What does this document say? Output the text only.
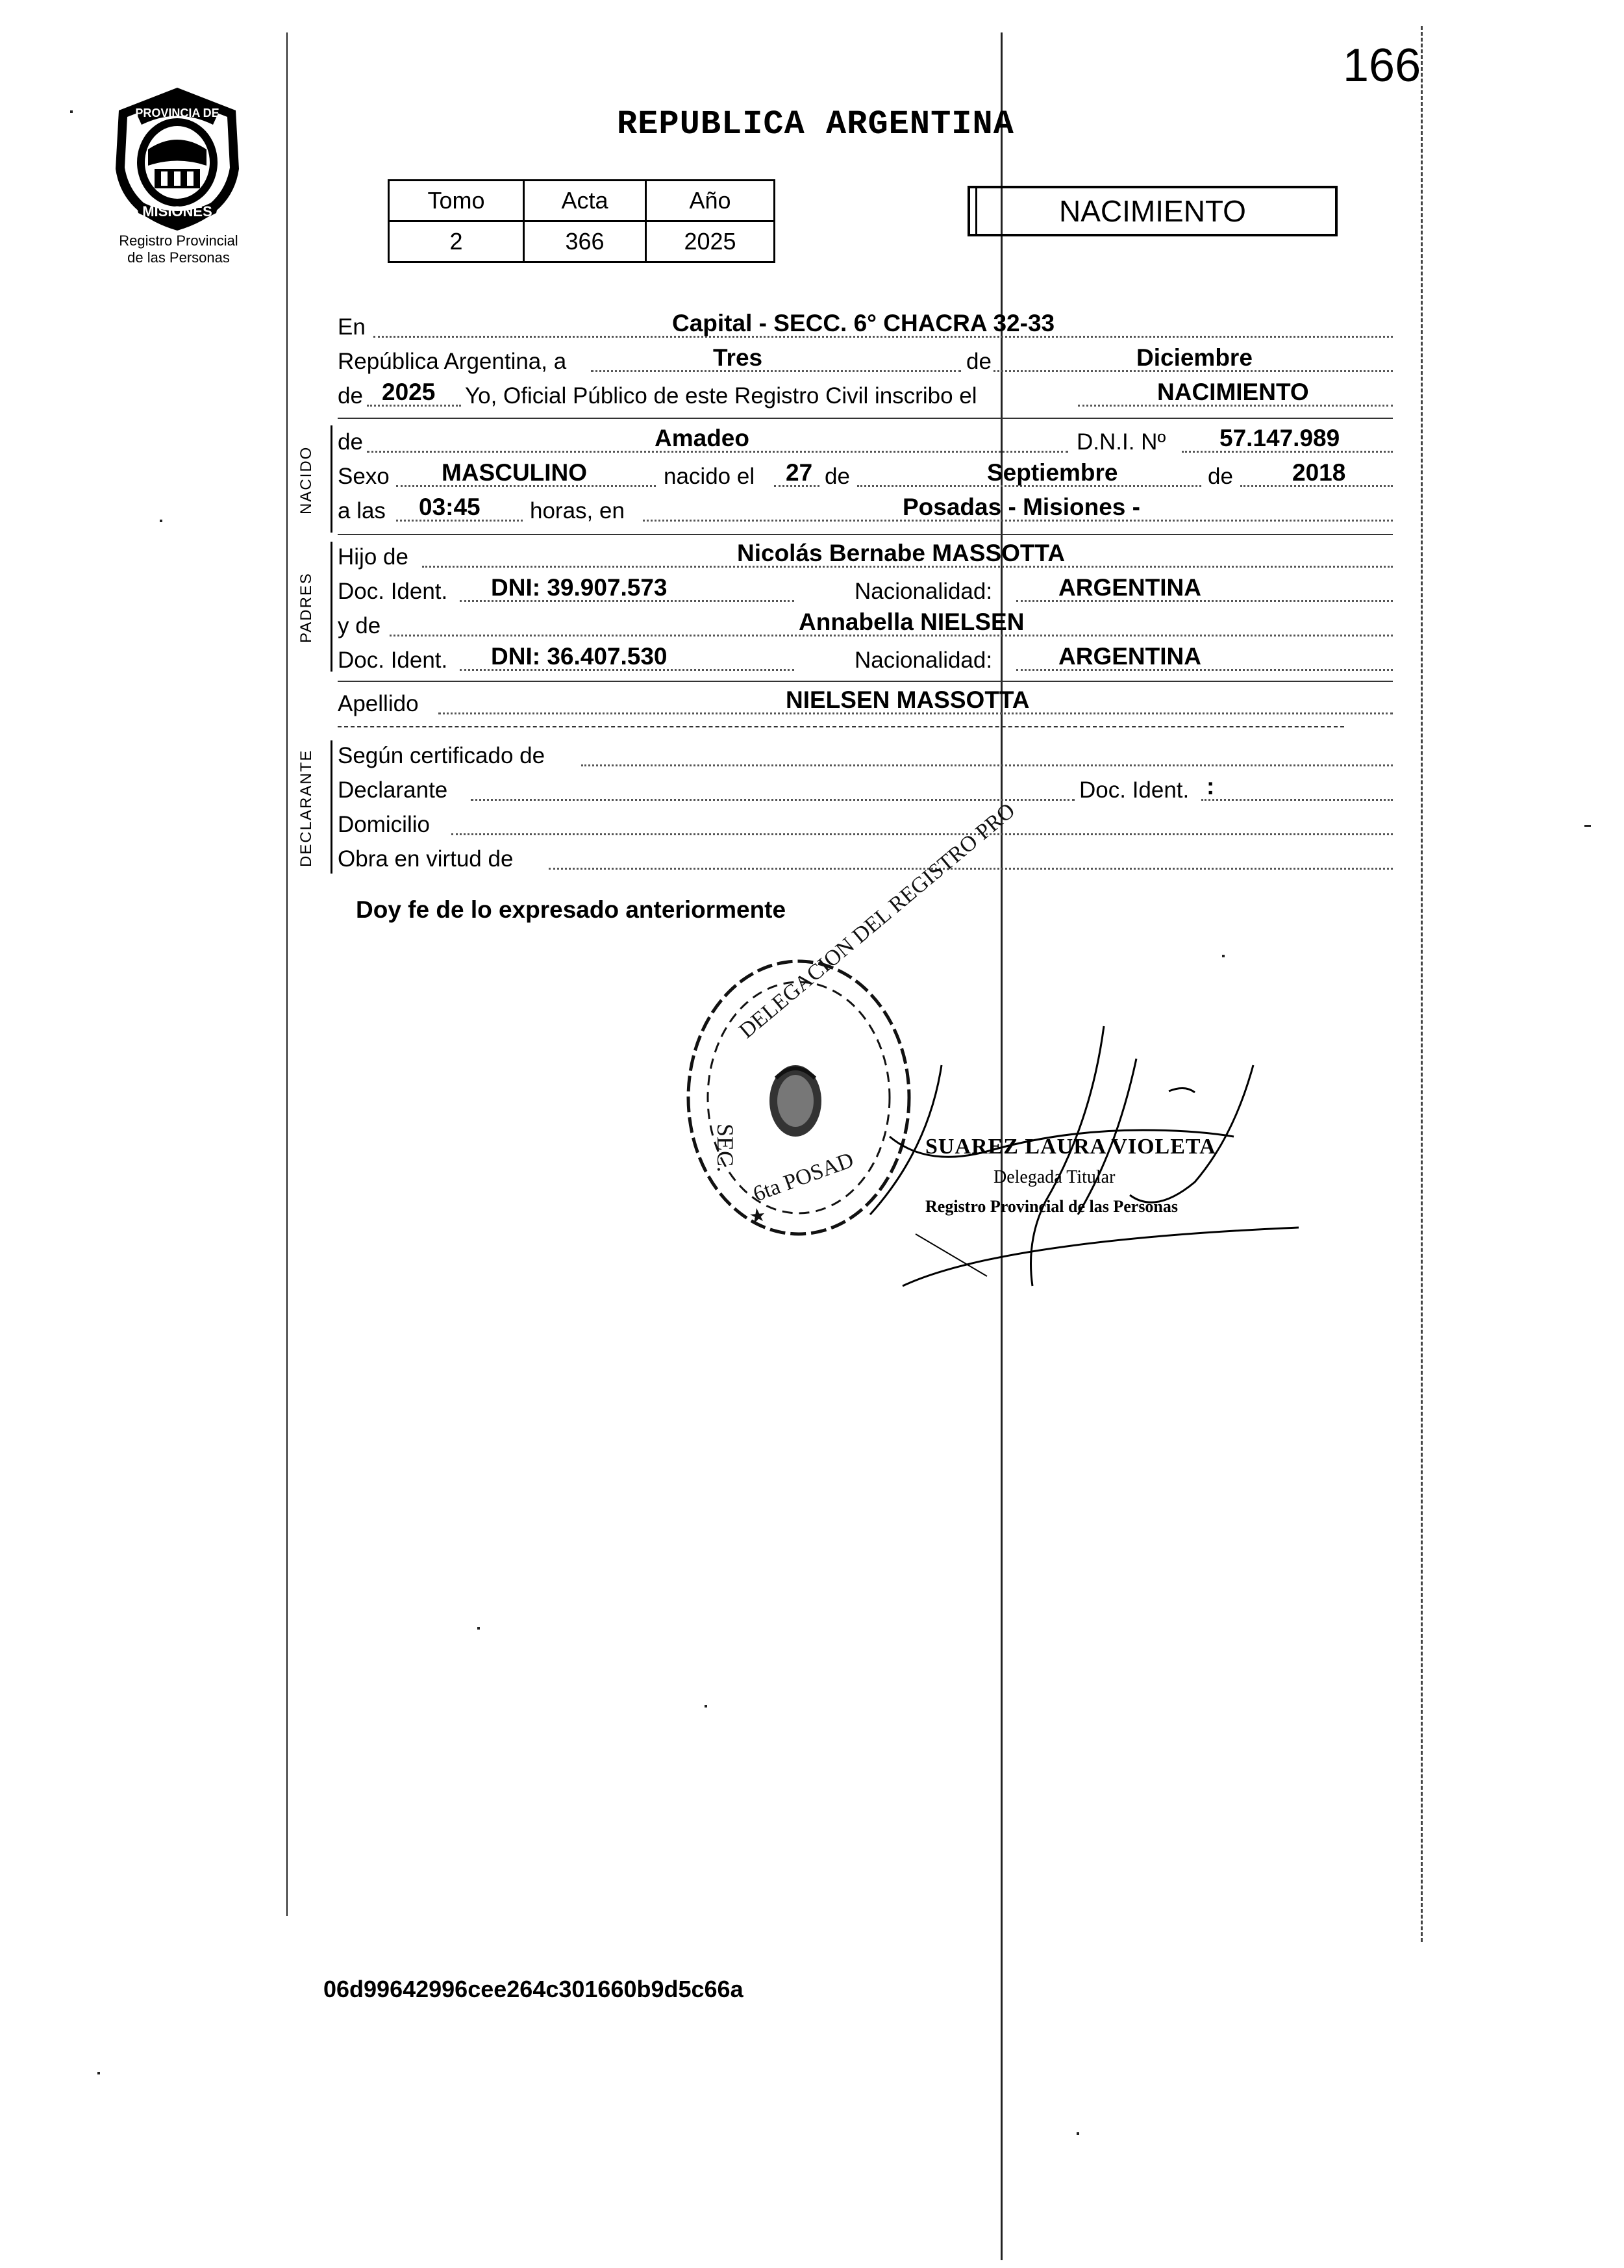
166
REPUBLICA ARGENTINA
PROVINCIA DE
MISIONES
Registro Provincial
de las Personas
Tomo	Acta	Año
2	366	2025
NACIMIENTO
En	Capital - SECC. 6° CHACRA 32-33
República Argentina, a	Tres	de	Diciembre
de 2025 Yo, Oficial Público de este Registro Civil inscribo el	NACIMIENTO
NACIDO
de	Amadeo	D.N.I. Nº 57.147.989
Sexo MASCULINO	nacido el 27 de	Septiembre	de 2018
a las 03:45 horas, en	Posadas - Misiones -
PADRES
Hijo de	Nicolás Bernabe MASSOTTA
Doc. Ident. DNI: 39.907.573	Nacionalidad:	ARGENTINA
y de	Annabella NIELSEN
Doc. Ident. DNI: 36.407.530	Nacionalidad:	ARGENTINA
Apellido	NIELSEN MASSOTTA
DECLARANTE Según certificado de
Declarante	Doc. Ident. :
Domicilio
Obra en virtud de
Doy fe de lo expresado anteriormente
DELEGACION DEL REGISTRO PRO
SEC. 6ta POSAD
SUAREZ LAURA VIOLETA
Delegada Titular
Registro Provincial de las Personas
06d99642996cee264c301660b9d5c66a
